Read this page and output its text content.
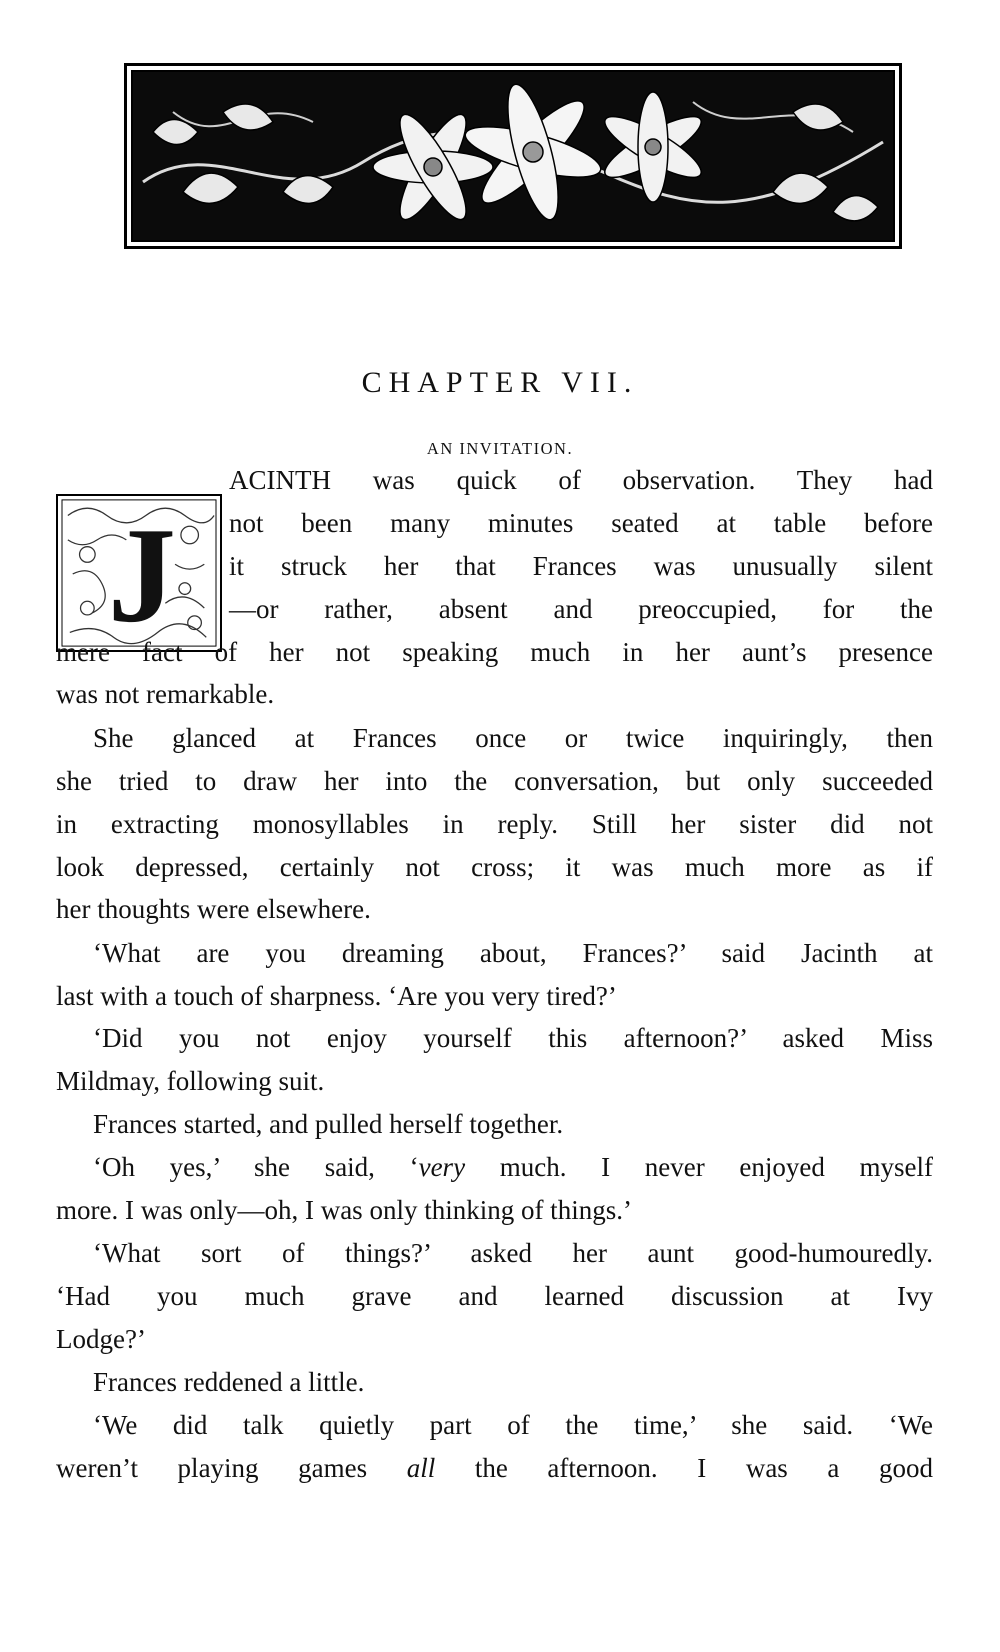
CHAPTER VII.
AN INVITATION.
J

ACINTH was quick of observation. They had

not been many minutes seated at table before

it struck her that Frances was unusually silent

—or rather, absent and preoccupied, for the

mere fact of her not speaking much in her aunt’s presence

was not remarkable.

She glanced at Frances once or twice inquiringly, then

she tried to draw her into the conversation, but only succeeded

in extracting monosyllables in reply. Still her sister did not

look depressed, certainly not cross; it was much more as if

her thoughts were elsewhere.

‘What are you dreaming about, Frances?’ said Jacinth at

last with a touch of sharpness. ‘Are you very tired?’

‘Did you not enjoy yourself this afternoon?’ asked Miss

Mildmay, following suit.

Frances started, and pulled herself together.

‘Oh yes,’ she said, ‘very much. I never enjoyed myself

more. I was only—oh, I was only thinking of things.’

‘What sort of things?’ asked her aunt good-humouredly.

‘Had you much grave and learned discussion at Ivy

Lodge?’

Frances reddened a little.

‘We did talk quietly part of the time,’ she said. ‘We

weren’t playing games all the afternoon. I was a good
